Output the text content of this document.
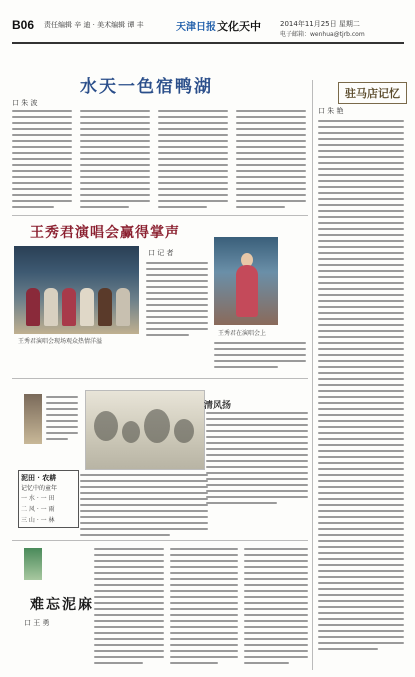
B06 责任编辑 辛 迪 · 美术编辑 谭 丰	天津日报 文化天中	2014年11月25日 星期二
电子邮箱：wenhua@tjrb.com
水天一色宿鸭湖	驻马店记忆
口 朱 波
口 朱 艳
王秀君演唱会赢得掌声
口 记 者
王秀君演唱会现场观众热情洋溢
王秀君在演唱会上
清风扬
泥田 · 农耕
记忆中的童年
一 水 · 一 田
二 风 · 一 雨
三 山 · 一 林
难忘泥麻
口 王 勇
